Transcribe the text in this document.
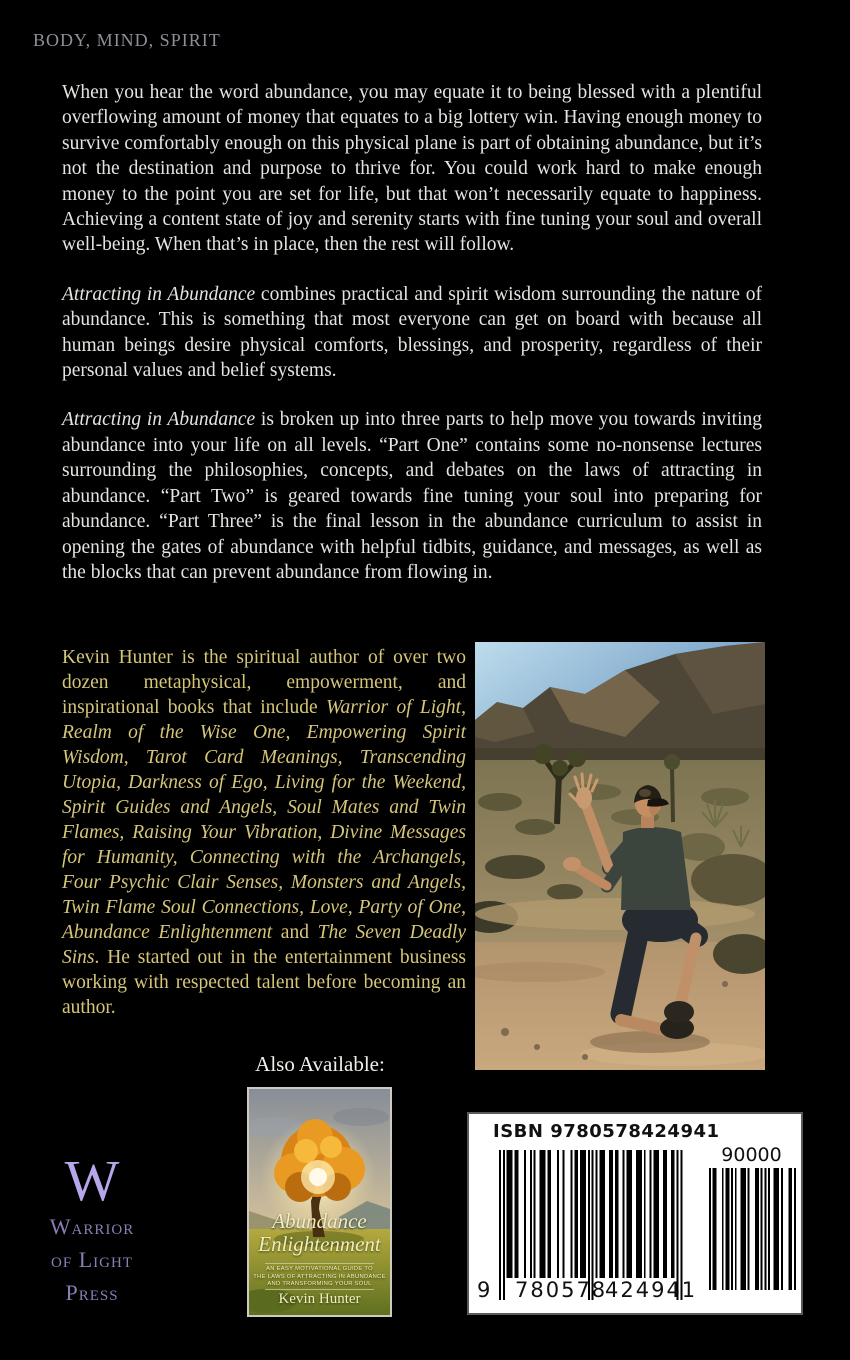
BODY, MIND, SPIRIT

When you hear the word abundance, you may equate it to being blessed with a plentiful overflowing amount of money that equates to a big lottery win. Having enough money to survive comfortably enough on this physical plane is part of obtaining abundance, but it’s not the destination and purpose to thrive for. You could work hard to make enough money to the point you are set for life, but that won’t necessarily equate to happiness. Achieving a content state of joy and serenity starts with fine tuning your soul and overall well-being. When that’s in place, then the rest will follow.

Attracting in Abundance combines practical and spirit wisdom surrounding the nature of abundance. This is something that most everyone can get on board with because all human beings desire physical comforts, blessings, and prosperity, regardless of their personal values and belief systems.

Attracting in Abundance is broken up into three parts to help move you towards inviting abundance into your life on all levels. “Part One” contains some no-nonsense lectures surrounding the philosophies, concepts, and debates on the laws of attracting in abundance. “Part Two” is geared towards fine tuning your soul into preparing for abundance. “Part Three” is the final lesson in the abundance curriculum to assist in opening the gates of abundance with helpful tidbits, guidance, and messages, as well as the blocks that can prevent abundance from flowing in.

Kevin Hunter is the spiritual author of over two dozen metaphysical, empowerment, and inspirational books that include Warrior of Light, Realm of the Wise One, Empowering Spirit Wisdom, Tarot Card Meanings, Transcending Utopia, Darkness of Ego, Living for the Weekend, Spirit Guides and Angels, Soul Mates and Twin Flames, Raising Your Vibration, Divine Messages for Humanity, Connecting with the Archangels, Four Psychic Clair Senses, Monsters and Angels, Twin Flame Soul Connections, Love, Party of One, Abundance Enlightenment and The Seven Deadly Sins. He started out in the entertainment business working with respected talent before becoming an author.
Also Available:
Abundance
Enlightenment
AN EASY MOTIVATIONAL GUIDE TO
THE LAWS OF ATTRACTING IN ABUNDANCE
AND TRANSFORMING YOUR SOUL
Kevin Hunter
W
Warrior
of Light
Press
ISBN 9780578424941
90000
9 780578
424941
